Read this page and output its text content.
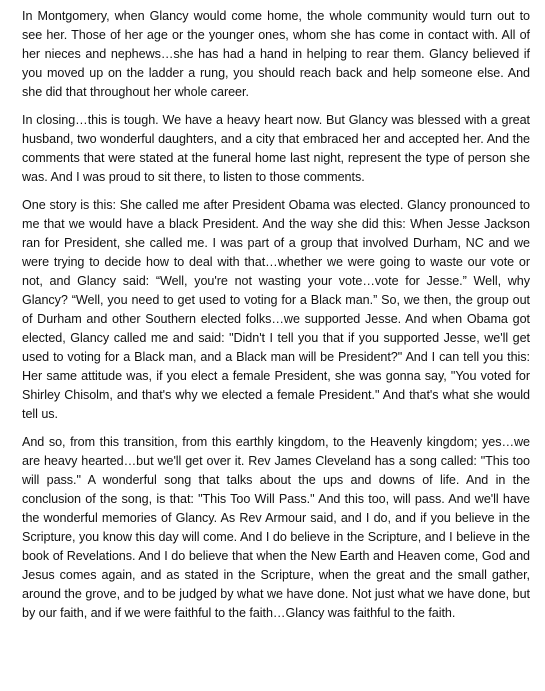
In Montgomery, when Glancy would come home, the whole community would turn out to see her. Those of her age or the younger ones, whom she has come in contact with. All of her nieces and nephews…she has had a hand in helping to rear them. Glancy believed if you moved up on the ladder a rung, you should reach back and help someone else. And she did that throughout her whole career.

In closing…this is tough. We have a heavy heart now. But Glancy was blessed with a great husband, two wonderful daughters, and a city that embraced her and accepted her. And the comments that were stated at the funeral home last night, represent the type of person she was. And I was proud to sit there, to listen to those comments.

One story is this: She called me after President Obama was elected. Glancy pronounced to me that we would have a black President. And the way she did this: When Jesse Jackson ran for President, she called me. I was part of a group that involved Durham, NC and we were trying to decide how to deal with that…whether we were going to waste our vote or not, and Glancy said: “Well, you're not wasting your vote…vote for Jesse.” Well, why Glancy? “Well, you need to get used to voting for a Black man.” So, we then, the group out of Durham and other Southern elected folks…we supported Jesse. And when Obama got elected, Glancy called me and said: "Didn't I tell you that if you supported Jesse, we'll get used to voting for a Black man, and a Black man will be President?" And I can tell you this: Her same attitude was, if you elect a female President, she was gonna say, "You voted for Shirley Chisolm, and that's why we elected a female President." And that's what she would tell us.

And so, from this transition, from this earthly kingdom, to the Heavenly kingdom; yes…we are heavy hearted…but we'll get over it. Rev James Cleveland has a song called: "This too will pass." A wonderful song that talks about the ups and downs of life. And in the conclusion of the song, is that: "This Too Will Pass." And this too, will pass. And we'll have the wonderful memories of Glancy. As Rev Armour said, and I do, and if you believe in the Scripture, you know this day will come. And I do believe in the Scripture, and I believe in the book of Revelations. And I do believe that when the New Earth and Heaven come, God and Jesus comes again, and as stated in the Scripture, when the great and the small gather, around the grove, and to be judged by what we have done. Not just what we have done, but by our faith, and if we were faithful to the faith…Glancy was faithful to the faith.
